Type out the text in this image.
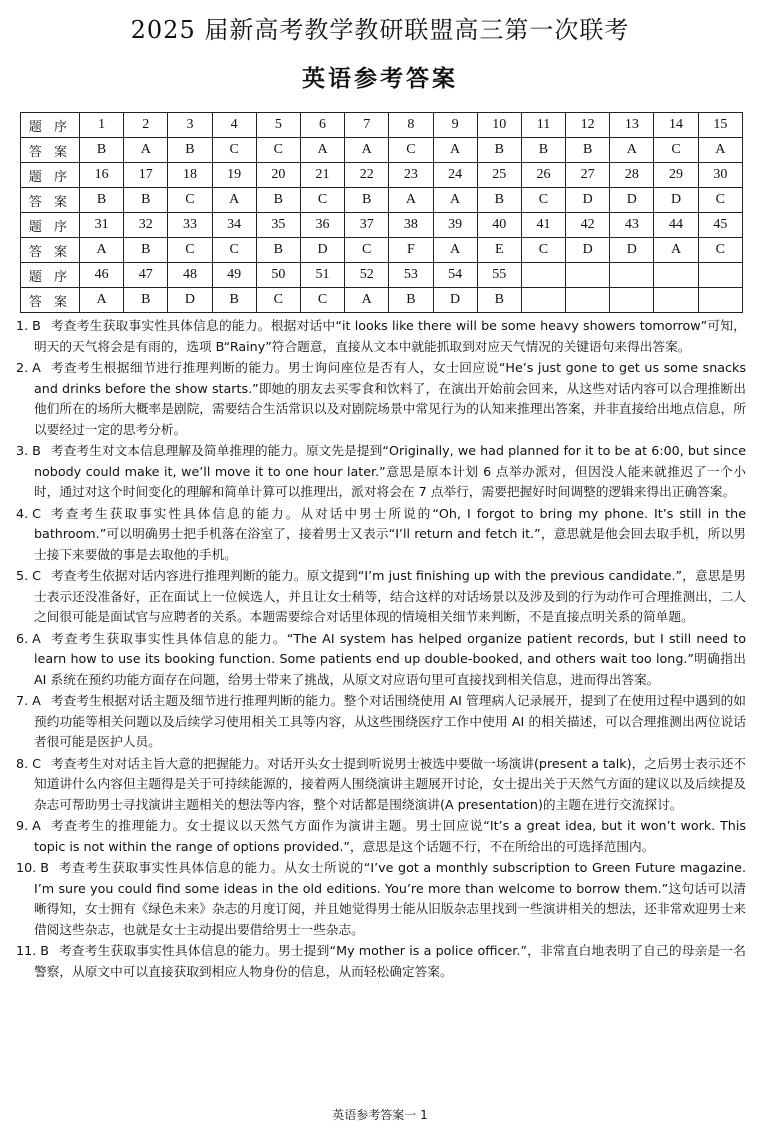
2025 届新高考教学教研联盟高三第一次联考
英语参考答案
题 序	1	2	3	4	5	6	7	8	9	10	11	12	13	14	15
答 案	B	A	B	C	C	A	A	C	A	B	B	B	A	C	A
题 序	16	17	18	19	20	21	22	23	24	25	26	27	28	29	30
答 案	B	B	C	A	B	C	B	A	A	B	C	D	D	D	C
题 序	31	32	33	34	35	36	37	38	39	40	41	42	43	44	45
答 案	A	B	C	C	B	D	C	F	A	E	C	D	D	A	C
题 序	46	47	48	49	50	51	52	53	54	55					
答 案	A	B	D	B	C	C	A	B	D	B					
1. B 考查考生获取事实性具体信息的能力。根据对话中“it looks like there will be some heavy showers tomorrow”可知，明天的天气将会是有雨的，选项 B“Rainy”符合题意，直接从文本中就能抓取到对应天气情况的关键语句来得出答案。
2. A 考查考生根据细节进行推理判断的能力。男士询问座位是否有人，女士回应说“He’s just gone to get us some snacks and drinks before the show starts.”即她的朋友去买零食和饮料了，在演出开始前会回来，从这些对话内容可以合理推断出他们所在的场所大概率是剧院，需要结合生活常识以及对剧院场景中常见行为的认知来推理出答案，并非直接给出地点信息，所以要经过一定的思考分析。
3. B 考查考生对文本信息理解及简单推理的能力。原文先是提到“Originally, we had planned for it to be at 6:00, but since nobody could make it, we’ll move it to one hour later.”意思是原本计划 6 点举办派对，但因没人能来就推迟了一个小时，通过对这个时间变化的理解和简单计算可以推理出，派对将会在 7 点举行，需要把握好时间调整的逻辑来得出正确答案。
4. C 考查考生获取事实性具体信息的能力。从对话中男士所说的“Oh, I forgot to bring my phone. It’s still in the bathroom.”可以明确男士把手机落在浴室了，接着男士又表示“I’ll return and fetch it.”，意思就是他会回去取手机，所以男士接下来要做的事是去取他的手机。
5. C 考查考生依据对话内容进行推理判断的能力。原文提到“I’m just finishing up with the previous candidate.”，意思是男士表示还没准备好，正在面试上一位候选人，并且让女士稍等，结合这样的对话场景以及涉及到的行为动作可合理推测出，二人之间很可能是面试官与应聘者的关系。本题需要综合对话里体现的情境相关细节来判断，不是直接点明关系的简单题。
6. A 考查考生获取事实性具体信息的能力。“The AI system has helped organize patient records, but I still need to learn how to use its booking function. Some patients end up double-booked, and others wait too long.”明确指出 AI 系统在预约功能方面存在问题，给男士带来了挑战，从原文对应语句里可直接找到相关信息，进而得出答案。
7. A 考查考生根据对话主题及细节进行推理判断的能力。整个对话围绕使用 AI 管理病人记录展开，提到了在使用过程中遇到的如预约功能等相关问题以及后续学习使用相关工具等内容，从这些围绕医疗工作中使用 AI 的相关描述，可以合理推测出两位说话者很可能是医护人员。
8. C 考查考生对对话主旨大意的把握能力。对话开头女士提到听说男士被选中要做一场演讲(present a talk)，之后男士表示还不知道讲什么内容但主题得是关于可持续能源的，接着两人围绕演讲主题展开讨论，女士提出关于天然气方面的建议以及后续提及杂志可帮助男士寻找演讲主题相关的想法等内容，整个对话都是围绕演讲(A presentation)的主题在进行交流探讨。
9. A 考查考生的推理能力。女士提议以天然气方面作为演讲主题。男士回应说“It’s a great idea, but it won’t work. This topic is not within the range of options provided.”，意思是这个话题不行，不在所给出的可选择范围内。
10. B 考查考生获取事实性具体信息的能力。从女士所说的“I’ve got a monthly subscription to Green Future magazine. I’m sure you could find some ideas in the old editions. You’re more than welcome to borrow them.”这句话可以清晰得知，女士拥有《绿色未来》杂志的月度订阅，并且她觉得男士能从旧版杂志里找到一些演讲相关的想法，还非常欢迎男士来借阅这些杂志，也就是女士主动提出要借给男士一些杂志。
11. B 考查考生获取事实性具体信息的能力。男士提到“My mother is a police officer.”，非常直白地表明了自己的母亲是一名警察，从原文中可以直接获取到相应人物身份的信息，从而轻松确定答案。
英语参考答案一 1
